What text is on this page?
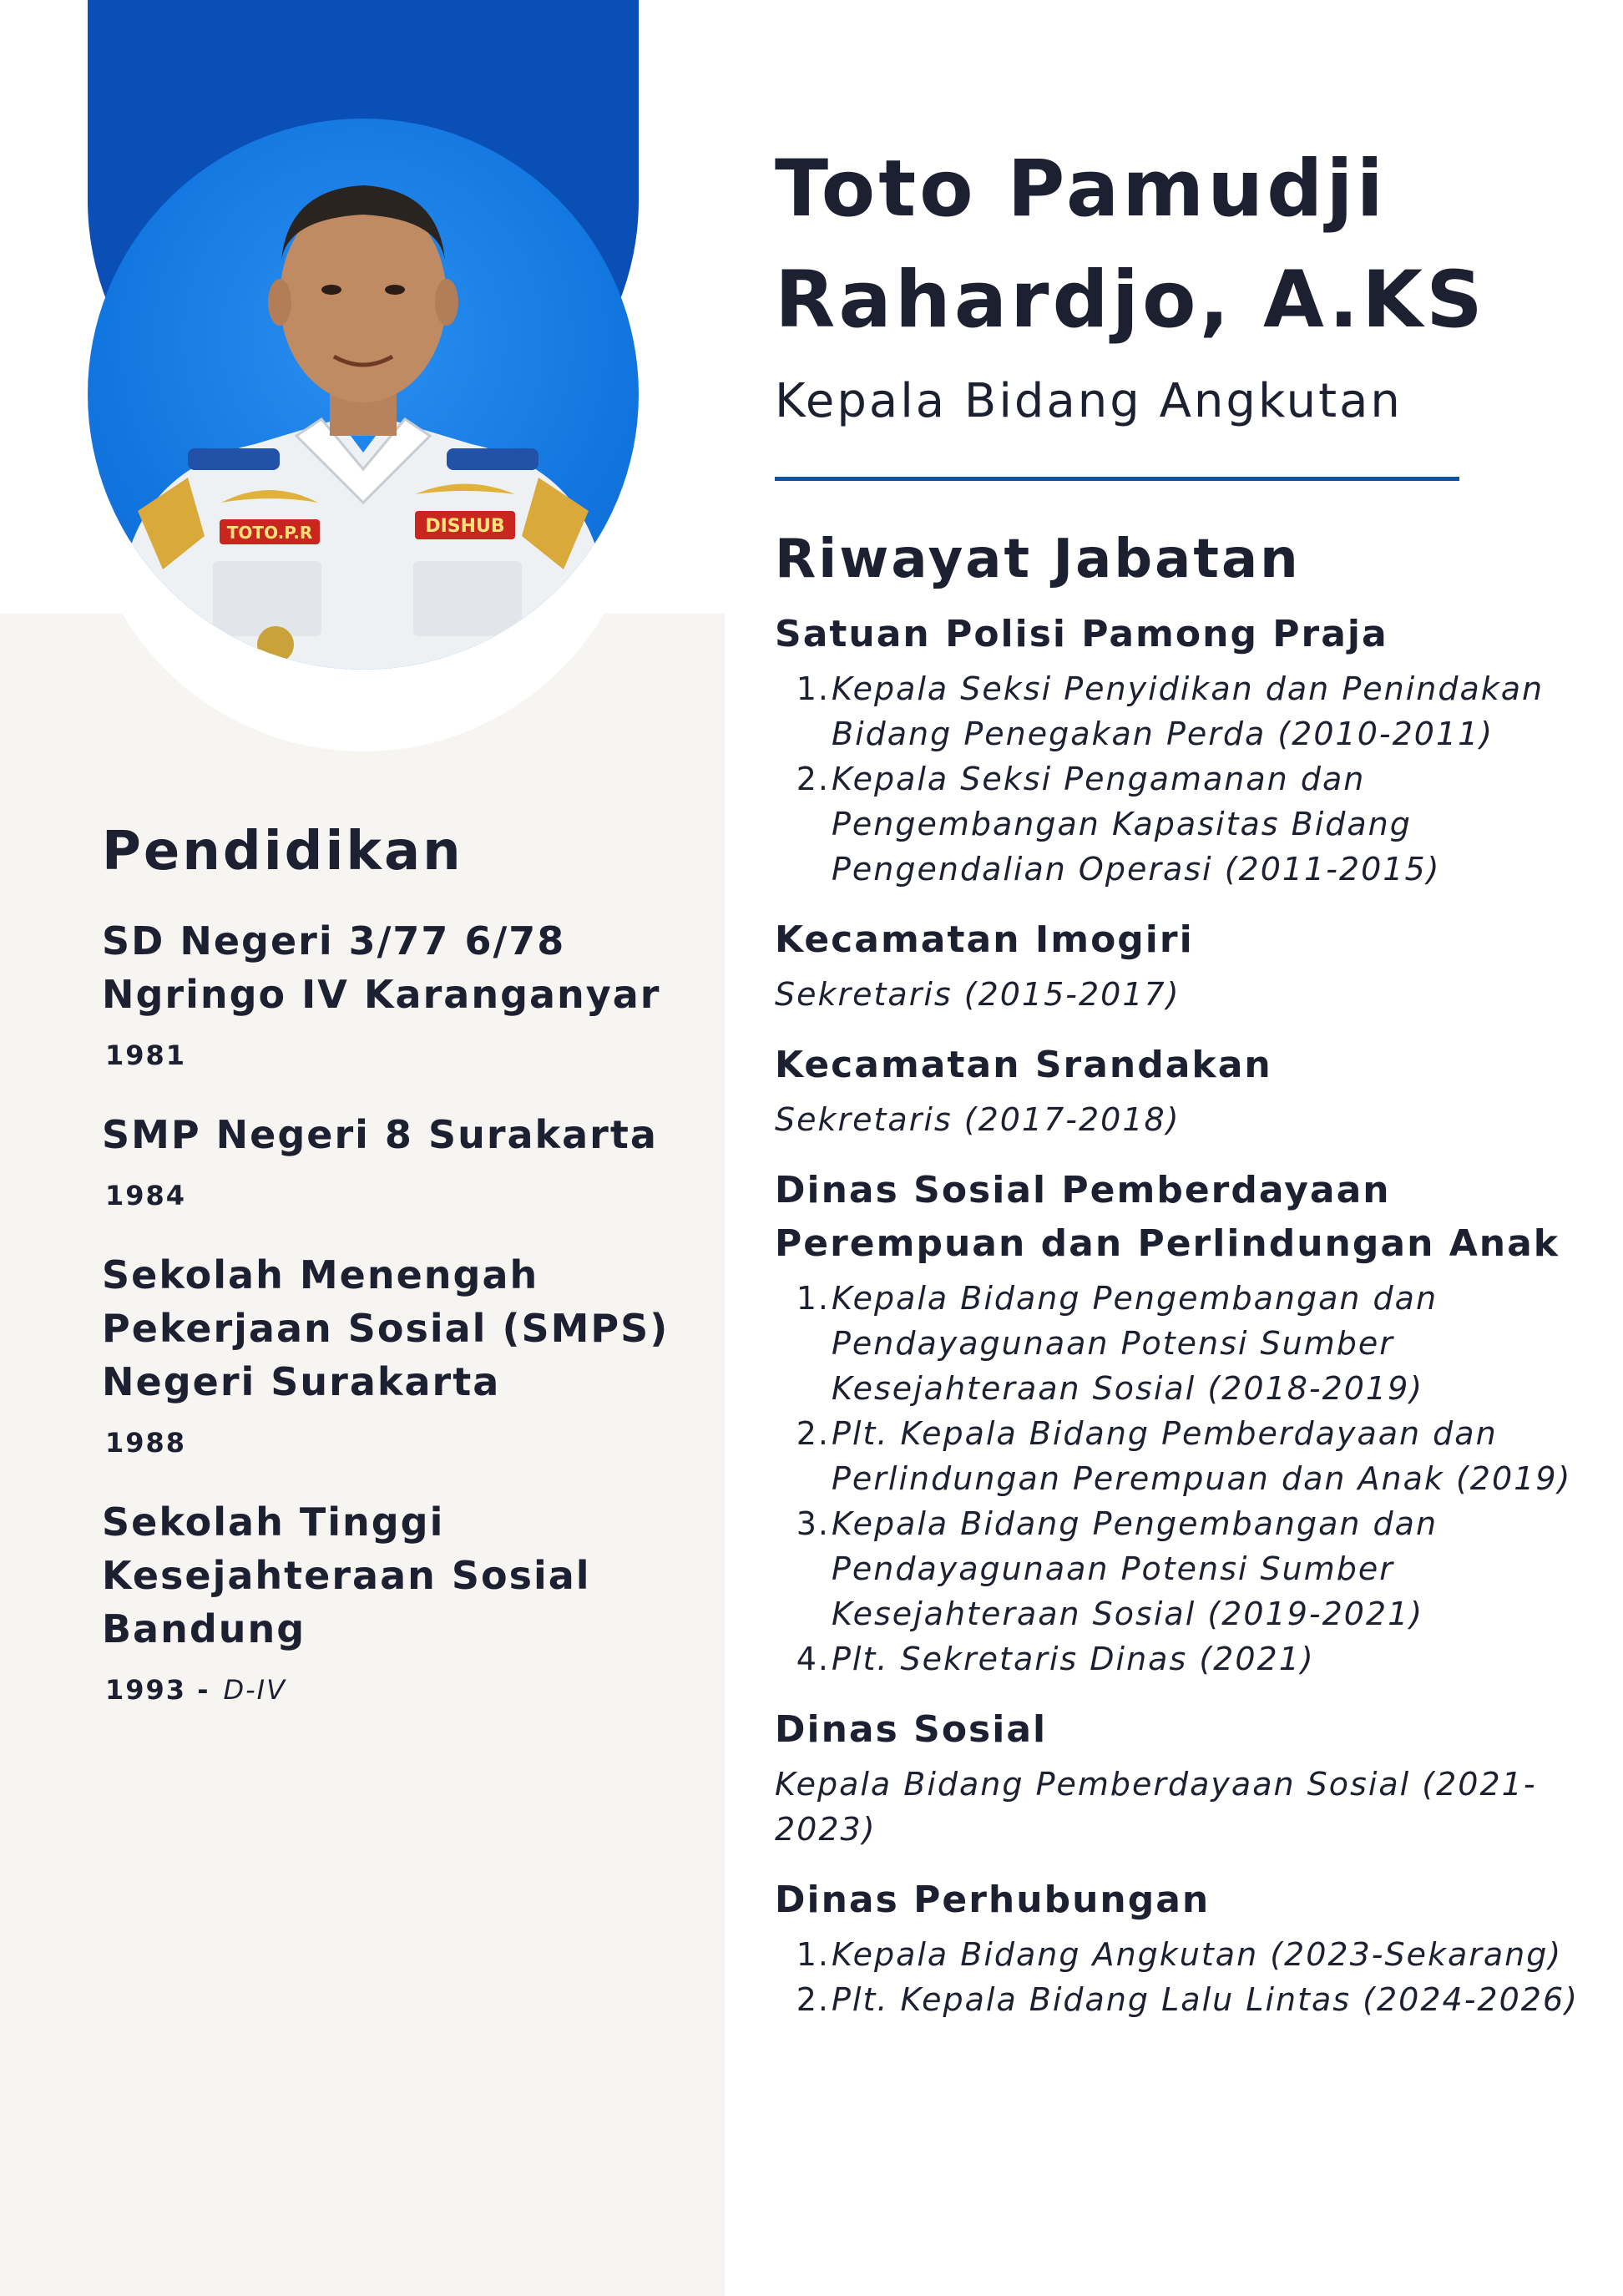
TOTO.P.R	DISHUB
Toto Pamudji
Rahardjo, A.KS

Kepala Bidang Angkutan

Riwayat Jabatan
Satuan Polisi Pamong Praja
1. Kepala Seksi Penyidikan dan Penindakan Bidang Penegakan Perda (2010-2011)
2. Kepala Seksi Pengamanan dan Pengembangan Kapasitas Bidang Pengendalian Operasi (2011-2015)
Kecamatan Imogiri

Sekretaris (2015-2017)

Kecamatan Srandakan

Sekretaris (2017-2018)

Dinas Sosial Pemberdayaan Perempuan dan Perlindungan Anak
1. Kepala Bidang Pengembangan dan Pendayagunaan Potensi Sumber Kesejahteraan Sosial (2018-2019)
2. Plt. Kepala Bidang Pemberdayaan dan Perlindungan Perempuan dan Anak (2019)
3. Kepala Bidang Pengembangan dan Pendayagunaan Potensi Sumber Kesejahteraan Sosial (2019-2021)
4. Plt. Sekretaris Dinas (2021)
Dinas Sosial

Kepala Bidang Pemberdayaan Sosial (2021-2023)

Dinas Perhubungan
1. Kepala Bidang Angkutan (2023-Sekarang)
2. Plt. Kepala Bidang Lalu Lintas (2024-2026)
Pendidikan

SD Negeri 3/77 6/78 Ngringo IV Karanganyar

1981

SMP Negeri 8 Surakarta

1984

Sekolah Menengah Pekerjaan Sosial (SMPS) Negeri Surakarta

1988

Sekolah Tinggi Kesejahteraan Sosial Bandung

1993 - D-IV
